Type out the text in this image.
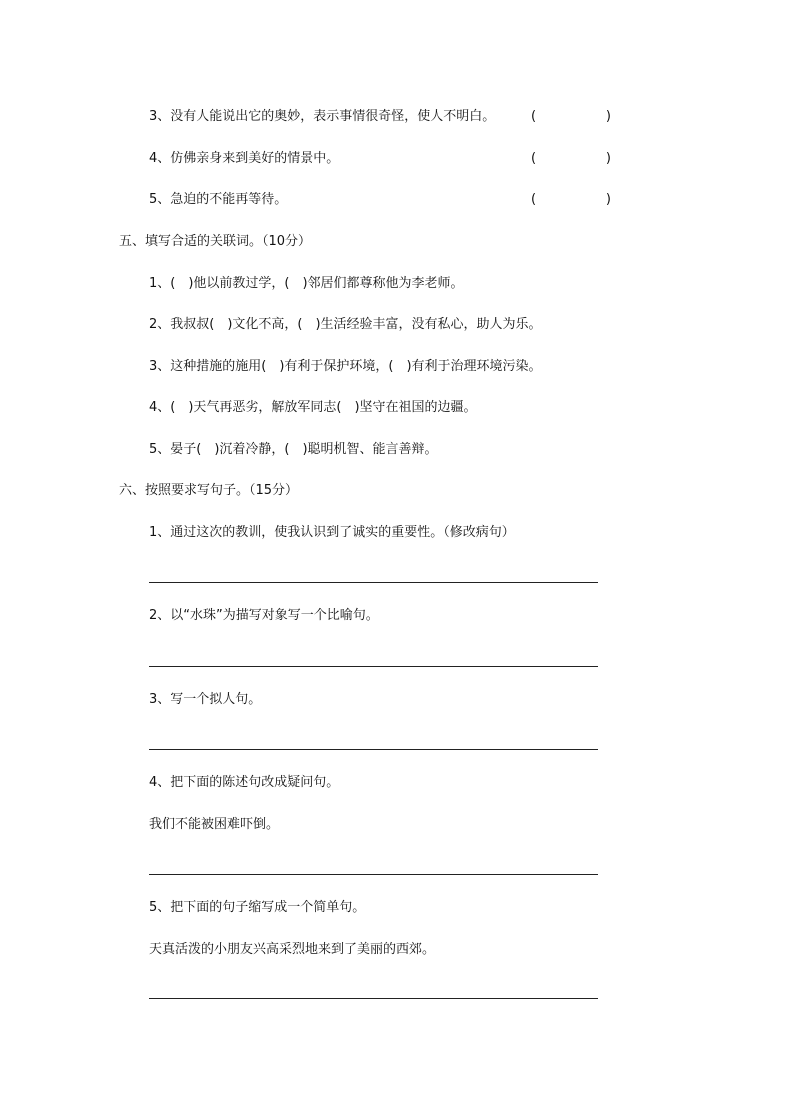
3、没有人能说出它的奥妙，表示事情很奇怪，使人不明白。	(	)
4、仿佛亲身来到美好的情景中。	(	)
5、急迫的不能再等待。	(	)
五、填写合适的关联词。（10分）
1、(　)他以前教过学，(　)邻居们都尊称他为李老师。
2、我叔叔(　)文化不高，(　)生活经验丰富，没有私心，助人为乐。
3、这种措施的施用(　)有利于保护环境，(　)有利于治理环境污染。
4、(　)天气再恶劣，解放军同志(　)坚守在祖国的边疆。
5、晏子(　)沉着冷静，(　)聪明机智、能言善辩。
六、按照要求写句子。（15分）
1、通过这次的教训，使我认识到了诚实的重要性。（修改病句）
2、以“水珠”为描写对象写一个比喻句。
3、写一个拟人句。
4、把下面的陈述句改成疑问句。
我们不能被困难吓倒。
5、把下面的句子缩写成一个简单句。
天真活泼的小朋友兴高采烈地来到了美丽的西郊。
